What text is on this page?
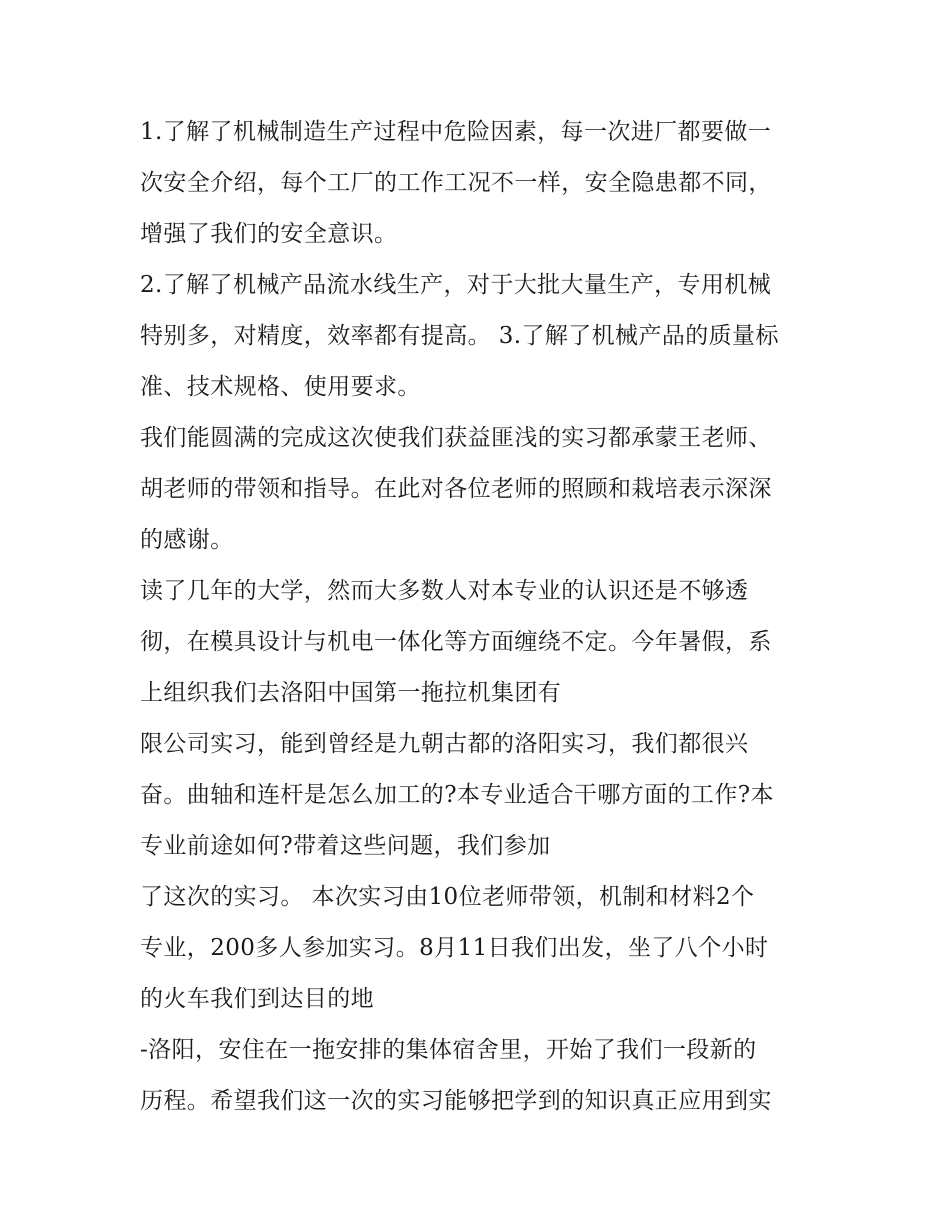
1.了解了机械制造生产过程中危险因素，每一次进厂都要做一
次安全介绍，每个工厂的工作工况不一样，安全隐患都不同，
增强了我们的安全意识。
2.了解了机械产品流水线生产，对于大批大量生产，专用机械
特别多，对精度，效率都有提高。 3.了解了机械产品的质量标
准、技术规格、使用要求。
我们能圆满的完成这次使我们获益匪浅的实习都承蒙王老师、
胡老师的带领和指导。在此对各位老师的照顾和栽培表示深深
的感谢。
读了几年的大学，然而大多数人对本专业的认识还是不够透
彻，在模具设计与机电一体化等方面缠绕不定。今年暑假，系
上组织我们去洛阳中国第一拖拉机集团有
限公司实习，能到曾经是九朝古都的洛阳实习，我们都很兴
奋。曲轴和连杆是怎么加工的?本专业适合干哪方面的工作?本
专业前途如何?带着这些问题，我们参加
了这次的实习。 本次实习由10位老师带领，机制和材料2个
专业，200多人参加实习。8月11日我们出发，坐了八个小时
的火车我们到达目的地
-洛阳，安住在一拖安排的集体宿舍里，开始了我们一段新的
历程。希望我们这一次的实习能够把学到的知识真正应用到实
